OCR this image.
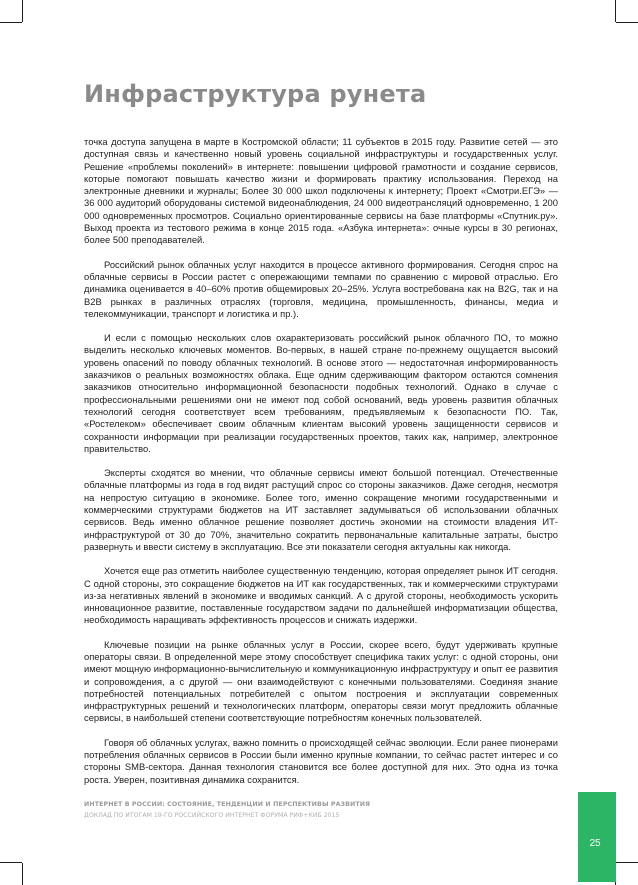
Инфраструктура рунета

точка доступа запущена в марте в Костромской области; 11 субъектов в 2015 году. Развитие сетей — это доступная связь и качественно новый уровень социальной инфраструктуры и государственных услуг. Решение «проблемы поколений» в интернете: повышении цифровой грамотности и создание сервисов, которые помогают повышать качество жизни и формировать практику использования. Переход на электронные дневники и журналы; Более 30 000 школ подключены к интернету; Проект «Смотри.ЕГЭ» — 36 000 аудиторий оборудованы системой видеонаблюдения, 24 000 видеотрансляций одновременно, 1 200 000 одновременных просмотров. Социально ориентированные сервисы на базе платформы «Спутник.ру». Выход проекта из тестового режима в конце 2015 года. «Азбука интернета»: очные курсы в 30 регионах, более 500 преподавателей.

Российский рынок облачных услуг находится в процессе активного формирования. Сегодня спрос на облачные сервисы в России растет с опережающими темпами по сравнению с мировой отраслью. Его динамика оценивается в 40–60% против общемировых 20–25%. Услуга востребована как на B2G, так и на B2B рынках в различных отраслях (торговля, медицина, промышленность, финансы, медиа и телекоммуникации, транспорт и логистика и пр.).

И если с помощью нескольких слов охарактеризовать российский рынок облачного ПО, то можно выделить несколько ключевых моментов. Во-первых, в нашей стране по-прежнему ощущается высокий уровень опасений по поводу облачных технологий. В основе этого — недостаточная информированность заказчиков о реальных возможностях облака. Еще одним сдерживающим фактором остаются сомнения заказчиков относительно информационной безопасности подобных технологий. Однако в случае с профессиональными решениями они не имеют под собой оснований, ведь уровень развития облачных технологий сегодня соответствует всем требованиям, предъявляемым к безопасности ПО. Так, «Ростелеком» обеспечивает своим облачным клиентам высокий уровень защищенности сервисов и сохранности информации при реализации государственных проектов, таких как, например, электронное правительство.

Эксперты сходятся во мнении, что облачные сервисы имеют большой потенциал. Отечественные облачные платформы из года в год видят растущий спрос со стороны заказчиков. Даже сегодня, несмотря на непростую ситуацию в экономике. Более того, именно сокращение многими государственными и коммерческими структурами бюджетов на ИТ заставляет задумываться об использовании облачных сервисов. Ведь именно облачное решение позволяет достичь экономии на стоимости владения ИТ-инфраструктурой от 30 до 70%, значительно сократить первоначальные капитальные затраты, быстро развернуть и ввести систему в эксплуатацию. Все эти показатели сегодня актуальны как никогда.

Хочется еще раз отметить наиболее существенную тенденцию, которая определяет рынок ИТ сегодня. С одной стороны, это сокращение бюджетов на ИТ как государственных, так и коммерческими структурами из-за негативных явлений в экономике и вводимых санкций. А с другой стороны, необходимость ускорить инновационное развитие, поставленные государством задачи по дальнейшей информатизации общества, необходимость наращивать эффективность процессов и снижать издержки.

Ключевые позиции на рынке облачных услуг в России, скорее всего, будут удерживать крупные операторы связи. В определенной мере этому способствует специфика таких услуг: с одной стороны, они имеют мощную информационно-вычислительную и коммуникационную инфраструктуру и опыт ее развития и сопровождения, а с другой — они взаимодействуют с конечными пользователями. Соединяя знание потребностей потенциальных потребителей с опытом построения и эксплуатации современных инфраструктурных решений и технологических платформ, операторы связи могут предложить облачные сервисы, в наибольшей степени соответствующие потребностям конечных пользователей.

Говоря об облачных услугах, важно помнить о происходящей сейчас эволюции. Если ранее пионерами потребления облачных сервисов в России были именно крупные компании, то сейчас растет интерес и со стороны SMB-сектора. Данная технология становится все более доступной для них. Это одна из точка роста. Уверен, позитивная динамика сохранится.

ИНТЕРНЕТ В РОССИИ: СОСТОЯНИЕ, ТЕНДЕНЦИИ И ПЕРСПЕКТИВЫ РАЗВИТИЯ
ДОКЛАД ПО ИТОГАМ 19-ГО РОССИЙСКОГО ИНТЕРНЕТ ФОРУМА РИФ+КИБ 2015
25
